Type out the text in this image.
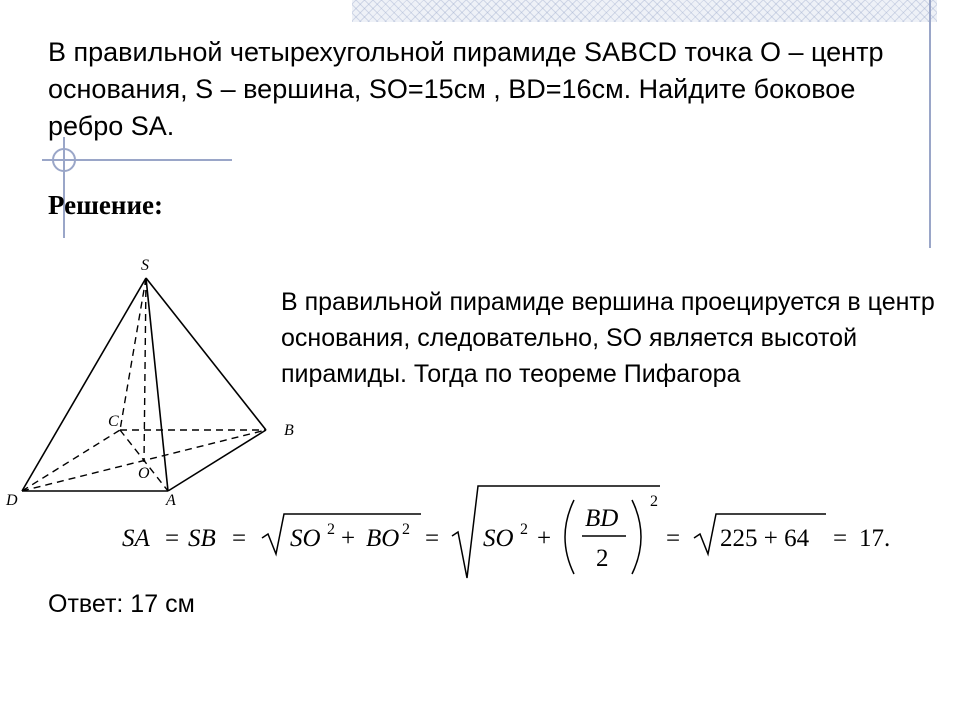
В правильной четырехугольной пирамиде SABCD точка O – центр основания, S – вершина, SO=15см , BD=16см. Найдите боковое ребро SA.

Решение:
S
C
B
O
D	A

В правильной пирамиде вершина проецируется в центр основания, следовательно, SO является высотой пирамиды. Тогда по теореме Пифагора

SA = SB = SO 2 + BO 2 = SO 2 +
BD
2
2
= 225 + 64 = 17.

Ответ: 17 см
